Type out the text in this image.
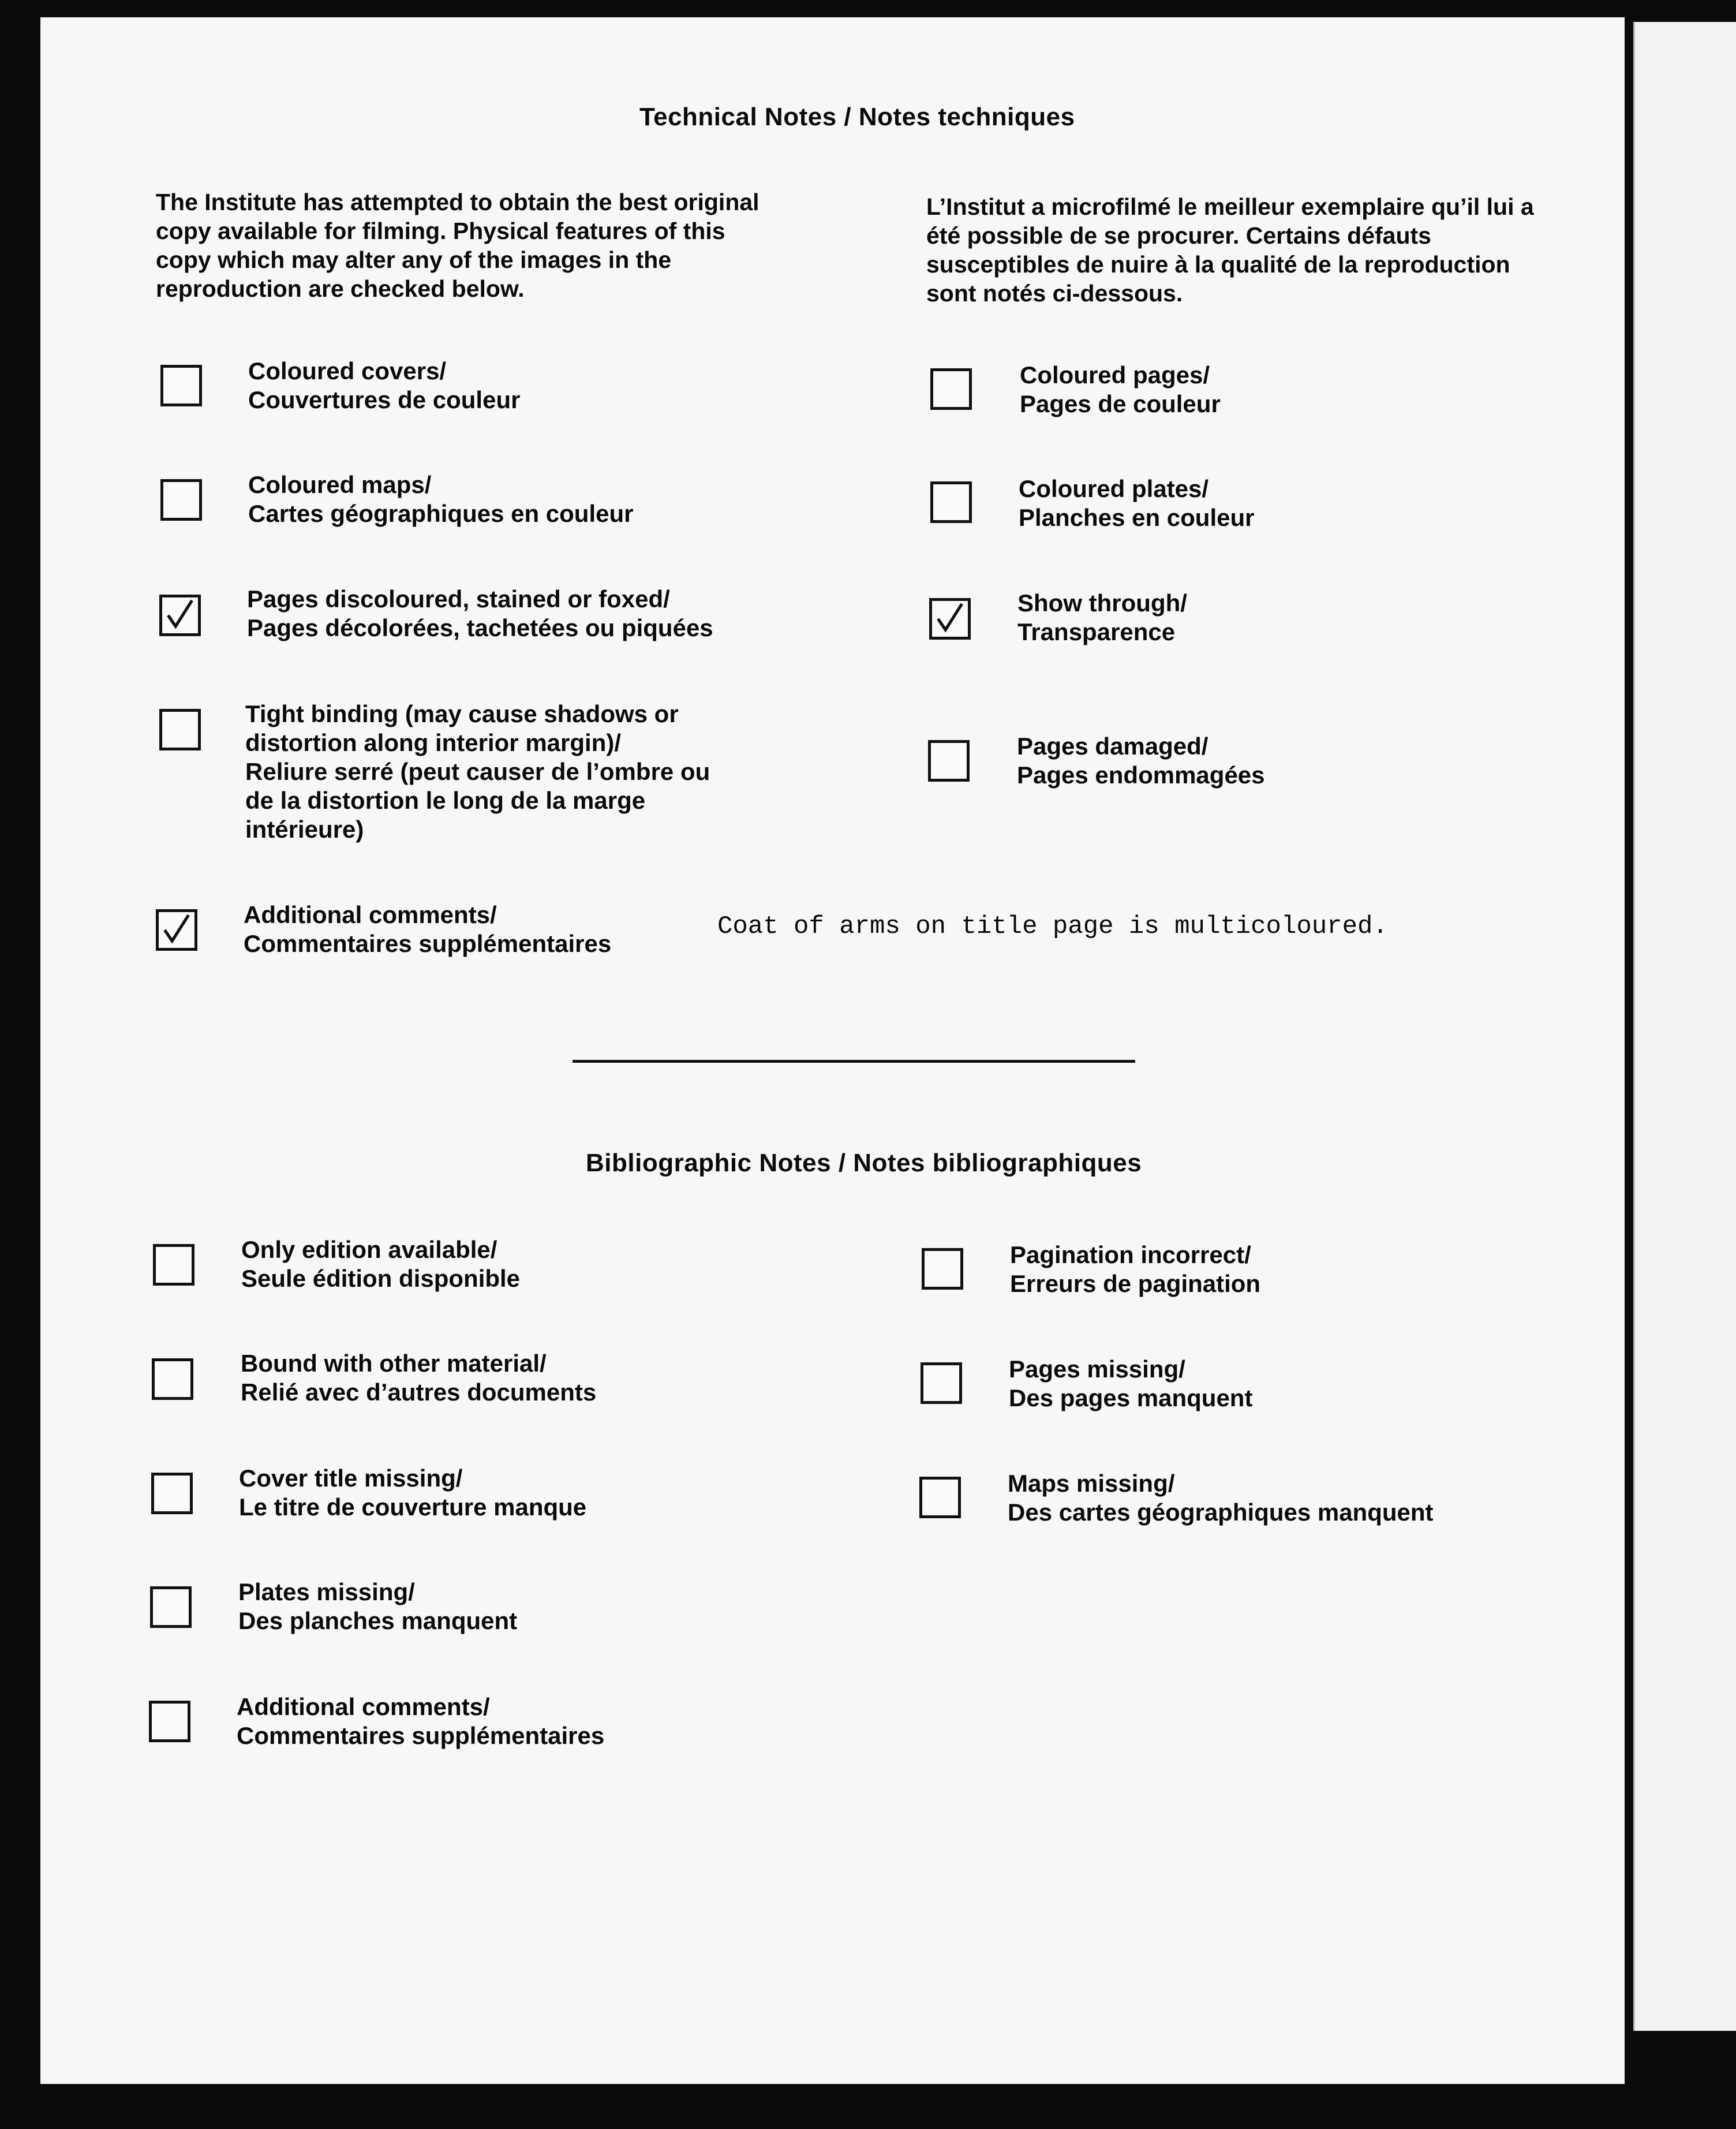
Technical Notes / Notes techniques
The Institute has attempted to obtain the best original copy available for filming. Physical features of this copy which may alter any of the images in the reproduction are checked below.
L’Institut a microfilmé le meilleur exemplaire qu’il lui a été possible de se procurer. Certains défauts susceptibles de nuire à la qualité de la reproduction sont notés ci-dessous.
Coloured covers/
Couvertures de couleur
Coloured pages/
Pages de couleur
Coloured maps/
Cartes géographiques en couleur
Coloured plates/
Planches en couleur
Pages discoloured, stained or foxed/
Pages décolorées, tachetées ou piquées
Show through/
Transparence
Tight binding (may cause shadows or
distortion along interior margin)/
Reliure serré (peut causer de l’ombre ou
de la distortion le long de la marge
intérieure)
Pages damaged/
Pages endommagées
Additional comments/
Commentaires supplémentaires
Coat of arms on title page is multicoloured.
Bibliographic Notes / Notes bibliographiques
Only edition available/
Seule édition disponible
Pagination incorrect/
Erreurs de pagination
Bound with other material/
Relié avec d’autres documents
Pages missing/
Des pages manquent
Cover title missing/
Le titre de couverture manque
Maps missing/
Des cartes géographiques manquent
Plates missing/
Des planches manquent
Additional comments/
Commentaires supplémentaires
